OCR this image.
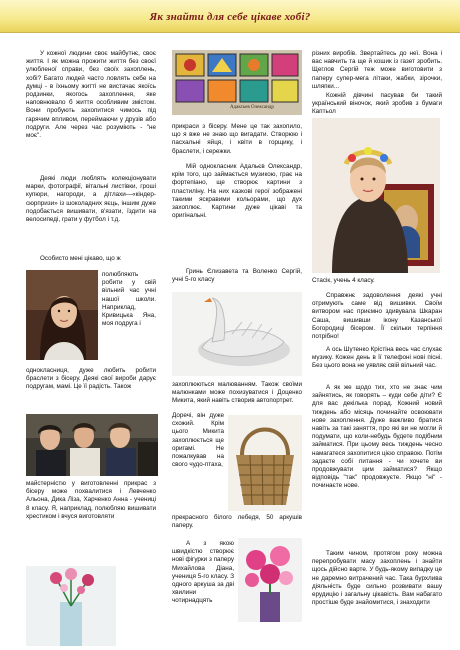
Як знайти для себе цікаве хобі?

У кожної людини своє майбутнє, своє життя. І як можна прожити життя без своєї улюбленої справи, без своїх захоплень, хобі? Багато людей часто ловлять себе на думці - в їхньому житті не вистачає якоїсь родзинки, якогось захоплення, яке наповнювало б життя особливим змістом. Вони пробують захопитися чимось під гарячим впливом, переймаючи у друзів або подруги. Але через час розуміють - "не моє".

Деякі люди люблять колекціонувати марки, фотографії, вітальні листівки, гроші купюри, нагороди, а дітлахи—«кіндер-сюрпризи» із шоколадних яєць, іншим дуже подобається вишивати, в'язати, їздити на велосипеді, грати у футбол і т.д.

Особисто мені цікаво, що ж

полюбляють робити у свій вільний час учні нашої школи. Наприклад, Кривицька Яна, моя подруга і

однокласниця, дуже любить робити браслети з бісеру. Деякі свої вироби дарує подругам, мамі. Це її радість. Також

майстерністю у виготовленні прикрас з бісеру може похвалитися і Левченко Альона, Дика Ліза, Харченко Анна - учениці 8 класу. Я, наприклад, полюбляю вишивати хрестиком і вчуся виготовляти

Адаксьев Олександр

прикраси з бісеру. Мене це так захопило, що я вже не знаю що вигадати. Створюю і пасхальні яйця, і квіти в горщику, і браслети, і сережки.

Мій однокласник Адальєв Олександр, крім того, що займається музикою, грає на фортепіано, ще створює картини з пластиліну. На них казкові герої зображені такими яскравими кольорами, що дух захоплює. Картини дуже цікаві та оригінальні.

Гринь Єлизавета та Воленко Сергій, учні 5-го класу

захоплюються малюванням. Також своїми малюнками може похизуватися і Доценко Микита, який навіть створив автопортрет.

Доречі, він дуже схожий. Крім цього Микита захоплюється ще оригамі. Не пожалкував на свого чудо-птаха,

прекрасного білого лебедя, 50 аркушів паперу.

А з якою швидкістю створює нові фігурки з паперу Михайлова Діана, учениця 5-го класу. З одного аркуша за дві хвилини чотирнадцять

різних виробів. Звертайтесь до неї. Вона і вас навчить та ще й кошик із газет зробить. Щеглов Сергій теж може виготовити з паперу супер-мега літаки, жабки, зірочки, шляпки...

Кожній дівчині пасував би такий український віночок, який зробив з бумаги Каптьол

Стасік, учень 4 класу.

Справжнє задоволення деякі учні отримують саме від вишивки. Своїм витвором нас приємно здивувала Шкаран Саша, вишивши ікону Казанської Богородиці бісером. Її скільки терпіння потрібно!

А ось Шутенко Крістіна весь час слухає музику. Кожен день в її телефоні нові пісні. Без цього вона не уявляє свій вільний час.

А як же щодо тих, хто не знає чим зайнятись, як говорять – куди себе діти? Є для вас декілька порад. Кожний новий тиждень або місяць починайте освоювати нове захоплення. Дуже важливо братися навіть за такі заняття, про які ви не могли й подумати, що коли-небудь будете подібним займатися. При цьому весь тиждень чесно намагатеся захопитися цією справою. Потім задаєте собі питання - чи хочете ви продовжувати цим займатися? Якщо відповідь "так" продовжуєте. Якщо "ні" - починаєте нове.

Таким чином, протягом року можна перепробувати масу захоплень і знайти щось дійсно варте. У будь-якому випадку це не даремно витрачений час. Така бурхлива діяльність буде сильно розвивати вашу ерудицію і загальну цікавість. Вам набагато простіше буде знайомитися, і знаходити
